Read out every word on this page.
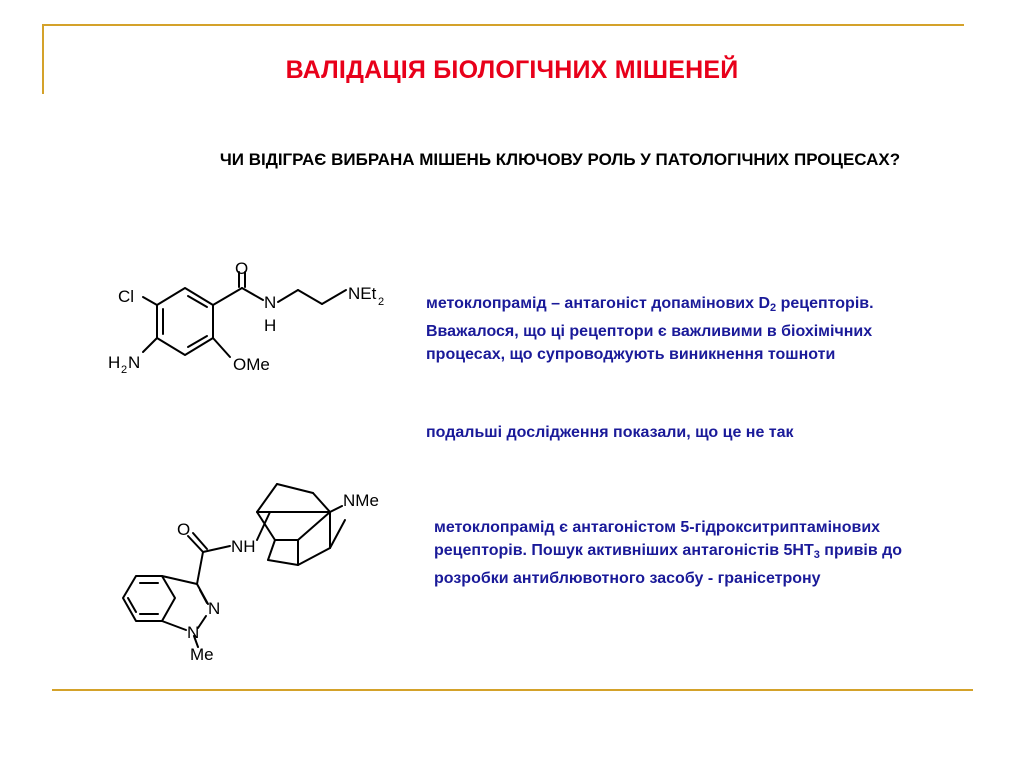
ВАЛІДАЦІЯ БІОЛОГІЧНИХ МІШЕНЕЙ
ЧИ ВІДІГРАЄ ВИБРАНА МІШЕНЬ КЛЮЧОВУ РОЛЬ У ПАТОЛОГІЧНИХ ПРОЦЕСАХ?
O
N
H
NEt 2
Cl
H 2 N	OMe
метоклопрамід – антагоніст допамінових $D_2$ рецепторів. Вважалося, що ці рецептори є важливими в біохімічних процесах, що супроводжують виникнення тошноти
подальші дослідження показали, що це не так
O
NH
NMe
N
N
Me
метоклопрамід є антагоністом 5-гідрокситриптамінових рецепторів. Пошук активніших антагоністів $5HT_3$ привів до розробки антиблювотного засобу - гранісетрону
